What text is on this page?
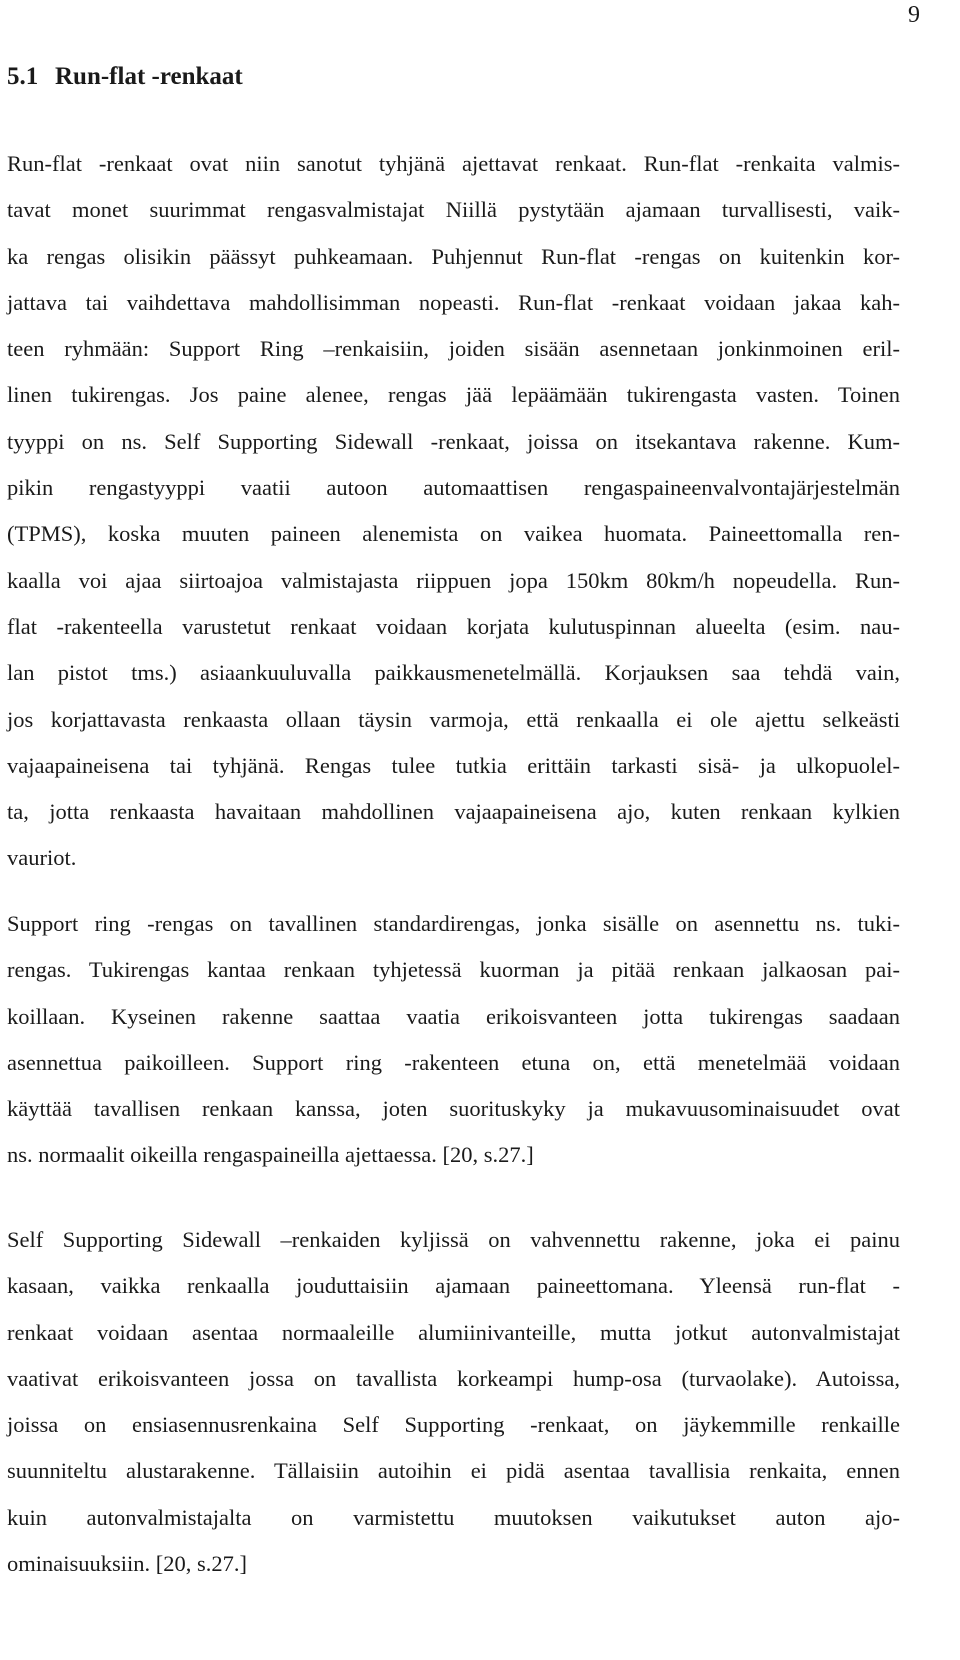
9
5.1 Run-flat -renkaat

Run-flat -renkaat ovat niin sanotut tyhjänä ajettavat renkaat. Run-flat -renkaita valmis-
tavat monet suurimmat rengasvalmistajat Niillä pystytään ajamaan turvallisesti, vaik-
ka rengas olisikin päässyt puhkeamaan. Puhjennut Run-flat -rengas on kuitenkin kor-
jattava tai vaihdettava mahdollisimman nopeasti. Run-flat -renkaat voidaan jakaa kah-
teen ryhmään: Support Ring –renkaisiin, joiden sisään asennetaan jonkinmoinen eril-
linen tukirengas. Jos paine alenee, rengas jää lepäämään tukirengasta vasten. Toinen
tyyppi on ns. Self Supporting Sidewall -renkaat, joissa on itsekantava rakenne. Kum-
pikin rengastyyppi vaatii autoon automaattisen rengaspaineenvalvontajärjestelmän
(TPMS), koska muuten paineen alenemista on vaikea huomata. Paineettomalla ren-
kaalla voi ajaa siirtoajoa valmistajasta riippuen jopa 150km 80km/h nopeudella. Run-
flat -rakenteella varustetut renkaat voidaan korjata kulutuspinnan alueelta (esim. nau-
lan pistot tms.) asiaankuuluvalla paikkausmenetelmällä. Korjauksen saa tehdä vain,
jos korjattavasta renkaasta ollaan täysin varmoja, että renkaalla ei ole ajettu selkeästi
vajaapaineisena tai tyhjänä. Rengas tulee tutkia erittäin tarkasti sisä- ja ulkopuolel-
ta, jotta renkaasta havaitaan mahdollinen vajaapaineisena ajo, kuten renkaan kylkien
vauriot.

Support ring -rengas on tavallinen standardirengas, jonka sisälle on asennettu ns. tuki-
rengas. Tukirengas kantaa renkaan tyhjetessä kuorman ja pitää renkaan jalkaosan pai-
koillaan. Kyseinen rakenne saattaa vaatia erikoisvanteen jotta tukirengas saadaan
asennettua paikoilleen. Support ring -rakenteen etuna on, että menetelmää voidaan
käyttää tavallisen renkaan kanssa, joten suorituskyky ja mukavuusominaisuudet ovat
ns. normaalit oikeilla rengaspaineilla ajettaessa. [20, s.27.]

Self Supporting Sidewall –renkaiden kyljissä on vahvennettu rakenne, joka ei painu
kasaan, vaikka renkaalla jouduttaisiin ajamaan paineettomana. Yleensä run-flat -
renkaat voidaan asentaa normaaleille alumiinivanteille, mutta jotkut autonvalmistajat
vaativat erikoisvanteen jossa on tavallista korkeampi hump-osa (turvaolake). Autoissa,
joissa on ensiasennusrenkaina Self Supporting -renkaat, on jäykemmille renkaille
suunniteltu alustarakenne. Tällaisiin autoihin ei pidä asentaa tavallisia renkaita, ennen
kuin autonvalmistajalta on varmistettu muutoksen vaikutukset auton ajo-
ominaisuuksiin. [20, s.27.]
